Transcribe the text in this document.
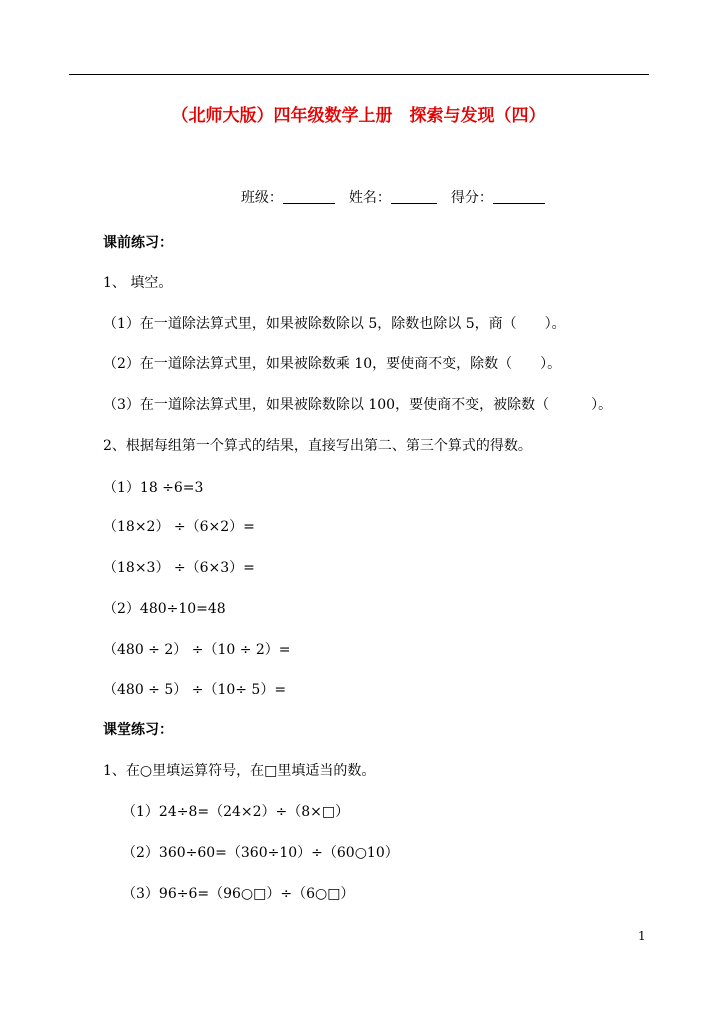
（北师大版）四年级数学上册　探索与发现（四）

班级：	姓名：	得分：

课前练习：
1、 填空。
（1）在一道除法算式里，如果被除数除以 5，除数也除以 5，商（　　）。
（2）在一道除法算式里，如果被除数乘 10，要使商不变，除数（　　）。
（3）在一道除法算式里，如果被除数除以 100，要使商不变，被除数（　　　）。
2、根据每组第一个算式的结果，直接写出第二、第三个算式的得数。
（1）18 ÷6=3
（18×2） ÷（6×2）=
（18×3） ÷（6×3）=
（2）480÷10=48
（480 ÷ 2） ÷（10 ÷ 2）=
（480 ÷ 5） ÷（10÷ 5）=
课堂练习：
1、在○里填运算符号，在□里填适当的数。
（1）24÷8=（24×2）÷（8×□）
（2）360÷60=（360÷10）÷（60○10）
（3）96÷6=（96○□）÷（6○□）
1
